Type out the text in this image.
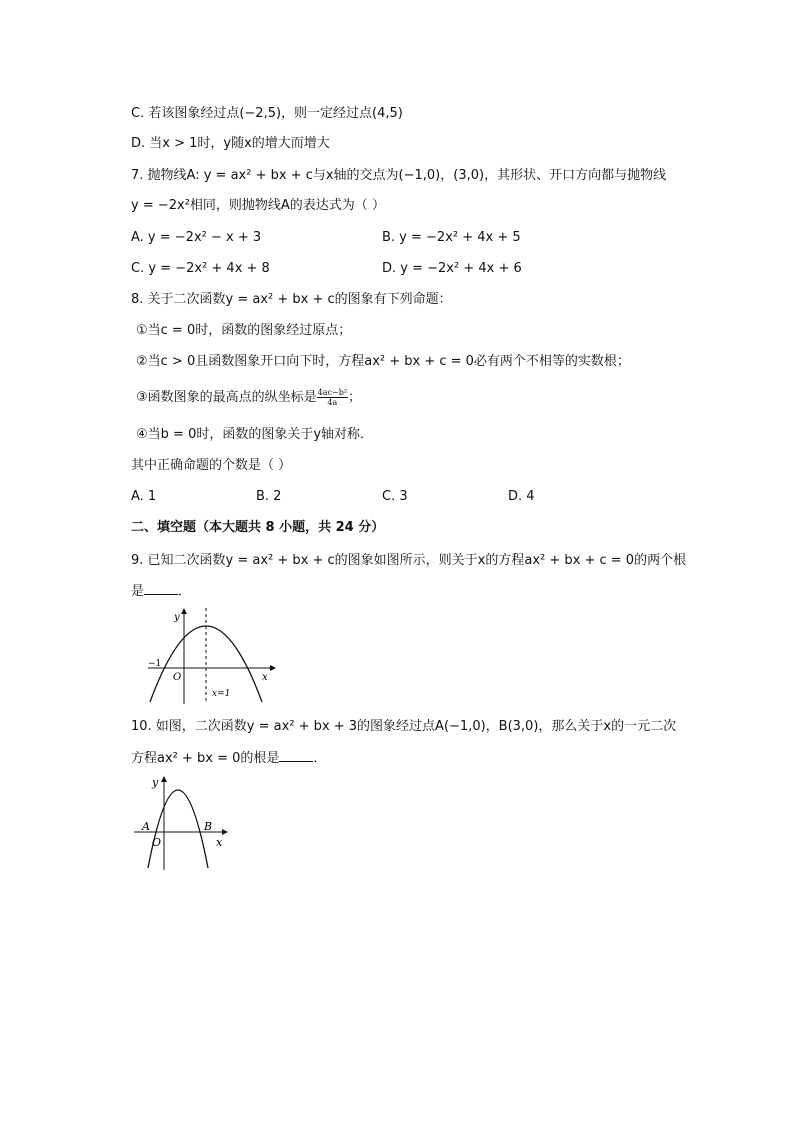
C. 若该图象经过点(−2,5)，则一定经过点(4,5)
D. 当x > 1时，y随x的增大而增大
7. 抛物线A: y = ax² + bx + c与x轴的交点为(−1,0)，(3,0)，其形状、开口方向都与抛物线
y = −2x²相同，则抛物线A的表达式为（ ）
A. y = −2x² − x + 3	B. y = −2x² + 4x + 5
C. y = −2x² + 4x + 8	D. y = −2x² + 4x + 6
8. 关于二次函数y = ax² + bx + c的图象有下列命题：
①当c = 0时，函数的图象经过原点；
②当c > 0且函数图象开口向下时，方程ax² + bx + c = 0必有两个不相等的实数根；
③函数图象的最高点的纵坐标是 $\frac{\text{4ac−b²}}{4a}$ ；
④当b = 0时，函数的图象关于y轴对称．
其中正确命题的个数是（ ）
A. 1	B. 2	C. 3	D. 4
二、填空题（本大题共 8 小题，共 24 分）
9. 已知二次函数y = ax² + bx + c的图象如图所示，则关于x的方程ax² + bx + c = 0的两个根
是	．
y
x
O
−1
x=1
10. 如图，二次函数y = ax² + bx + 3的图象经过点A(−1,0)，B(3,0)，那么关于x的一元二次
方程ax² + bx = 0的根是	．
y
x
O
A	B
